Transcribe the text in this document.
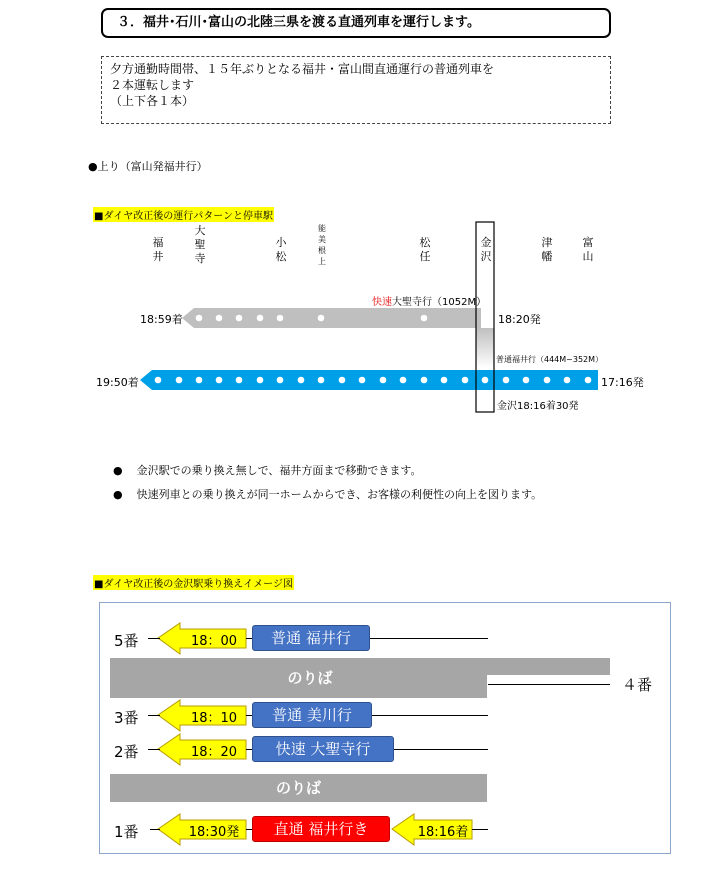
３．福井･石川･富山の北陸三県を渡る直通列車を運行します。
夕方通勤時間帯、１５年ぶりとなる福井・富山間直通運行の普通列車を
２本運転します
（上下各１本）
●上り（富山発福井行）
■ダイヤ改正後の運行パターンと停車駅
福井
大聖寺
小松
能美根上
松任
金沢
津幡
富山
快速大聖寺行（1052M）
18:59着	18:20発
普通福井行（444M~352M）
19:50着	17:16発
金沢18:16着30発
●    金沢駅での乗り換え無しで、福井方面まで移動できます。
●    快速列車との乗り換えが同一ホームからでき、お客様の利便性の向上を図ります。
■ダイヤ改正後の金沢駅乗り換えイメージ図
5番	18：00	普通 福井行
のりば	４番
3番	18：10	普通 美川行
2番	18：20	快速 大聖寺行
のりば
1番	18:30発	直通 福井行き	18:16着
